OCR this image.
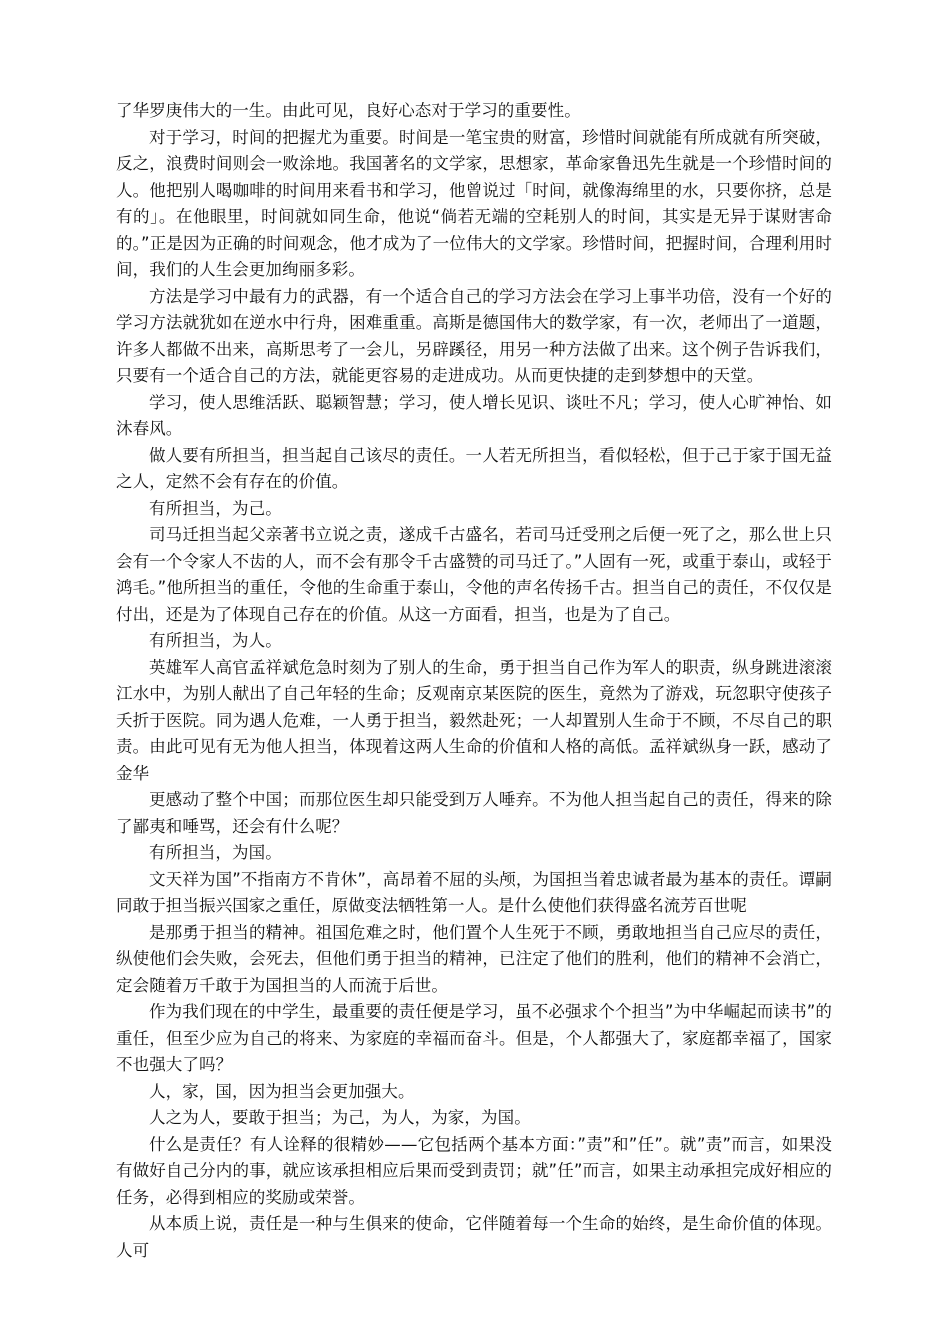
了华罗庚伟大的一生。由此可见，良好心态对于学习的重要性。

对于学习，时间的把握尤为重要。时间是一笔宝贵的财富，珍惜时间就能有所成就有所突破，反之，浪费时间则会一败涂地。我国著名的文学家，思想家，革命家鲁迅先生就是一个珍惜时间的人。他把别人喝咖啡的时间用来看书和学习，他曾说过「时间，就像海绵里的水，只要你挤，总是有的」。在他眼里，时间就如同生命，他说“倘若无端的空耗别人的时间，其实是无异于谋财害命的。”正是因为正确的时间观念，他才成为了一位伟大的文学家。珍惜时间，把握时间，合理利用时间，我们的人生会更加绚丽多彩。

方法是学习中最有力的武器，有一个适合自己的学习方法会在学习上事半功倍，没有一个好的学习方法就犹如在逆水中行舟，困难重重。高斯是德国伟大的数学家，有一次，老师出了一道题，许多人都做不出来，高斯思考了一会儿，另辟蹊径，用另一种方法做了出来。这个例子告诉我们，只要有一个适合自己的方法，就能更容易的走进成功。从而更快捷的走到梦想中的天堂。

学习，使人思维活跃、聪颖智慧；学习，使人增长见识、谈吐不凡；学习，使人心旷神怡、如沐春风。

做人要有所担当，担当起自己该尽的责任。一人若无所担当，看似轻松，但于己于家于国无益之人，定然不会有存在的价值。

有所担当，为己。

司马迁担当起父亲著书立说之责，遂成千古盛名，若司马迁受刑之后便一死了之，那么世上只会有一个令家人不齿的人，而不会有那令千古盛赞的司马迁了。”人固有一死，或重于泰山，或轻于鸿毛。”他所担当的重任，令他的生命重于泰山，令他的声名传扬千古。担当自己的责任，不仅仅是付出，还是为了体现自己存在的价值。从这一方面看，担当，也是为了自己。

有所担当，为人。

英雄军人高官孟祥斌危急时刻为了别人的生命，勇于担当自己作为军人的职责，纵身跳进滚滚江水中，为别人献出了自己年轻的生命；反观南京某医院的医生，竟然为了游戏，玩忽职守使孩子夭折于医院。同为遇人危难，一人勇于担当，毅然赴死；一人却置别人生命于不顾，不尽自己的职责。由此可见有无为他人担当，体现着这两人生命的价值和人格的高低。孟祥斌纵身一跃，感动了金华

更感动了整个中国；而那位医生却只能受到万人唾弃。不为他人担当起自己的责任，得来的除了鄙夷和唾骂，还会有什么呢？

有所担当，为国。

文天祥为国”不指南方不肯休”，高昂着不屈的头颅，为国担当着忠诚者最为基本的责任。谭嗣同敢于担当振兴国家之重任，原做变法牺牲第一人。是什么使他们获得盛名流芳百世呢

是那勇于担当的精神。祖国危难之时，他们置个人生死于不顾，勇敢地担当自己应尽的责任，纵使他们会失败，会死去，但他们勇于担当的精神，已注定了他们的胜利，他们的精神不会消亡，定会随着万千敢于为国担当的人而流于后世。

作为我们现在的中学生，最重要的责任便是学习，虽不必强求个个担当”为中华崛起而读书”的重任，但至少应为自己的将来、为家庭的幸福而奋斗。但是，个人都强大了，家庭都幸福了，国家不也强大了吗？

人，家，国，因为担当会更加强大。

人之为人，要敢于担当；为己，为人，为家，为国。

什么是责任？有人诠释的很精妙——它包括两个基本方面：”责”和”任”。就”责”而言，如果没有做好自己分内的事，就应该承担相应后果而受到责罚；就”任”而言，如果主动承担完成好相应的任务，必得到相应的奖励或荣誉。

从本质上说，责任是一种与生俱来的使命，它伴随着每一个生命的始终，是生命价值的体现。人可
